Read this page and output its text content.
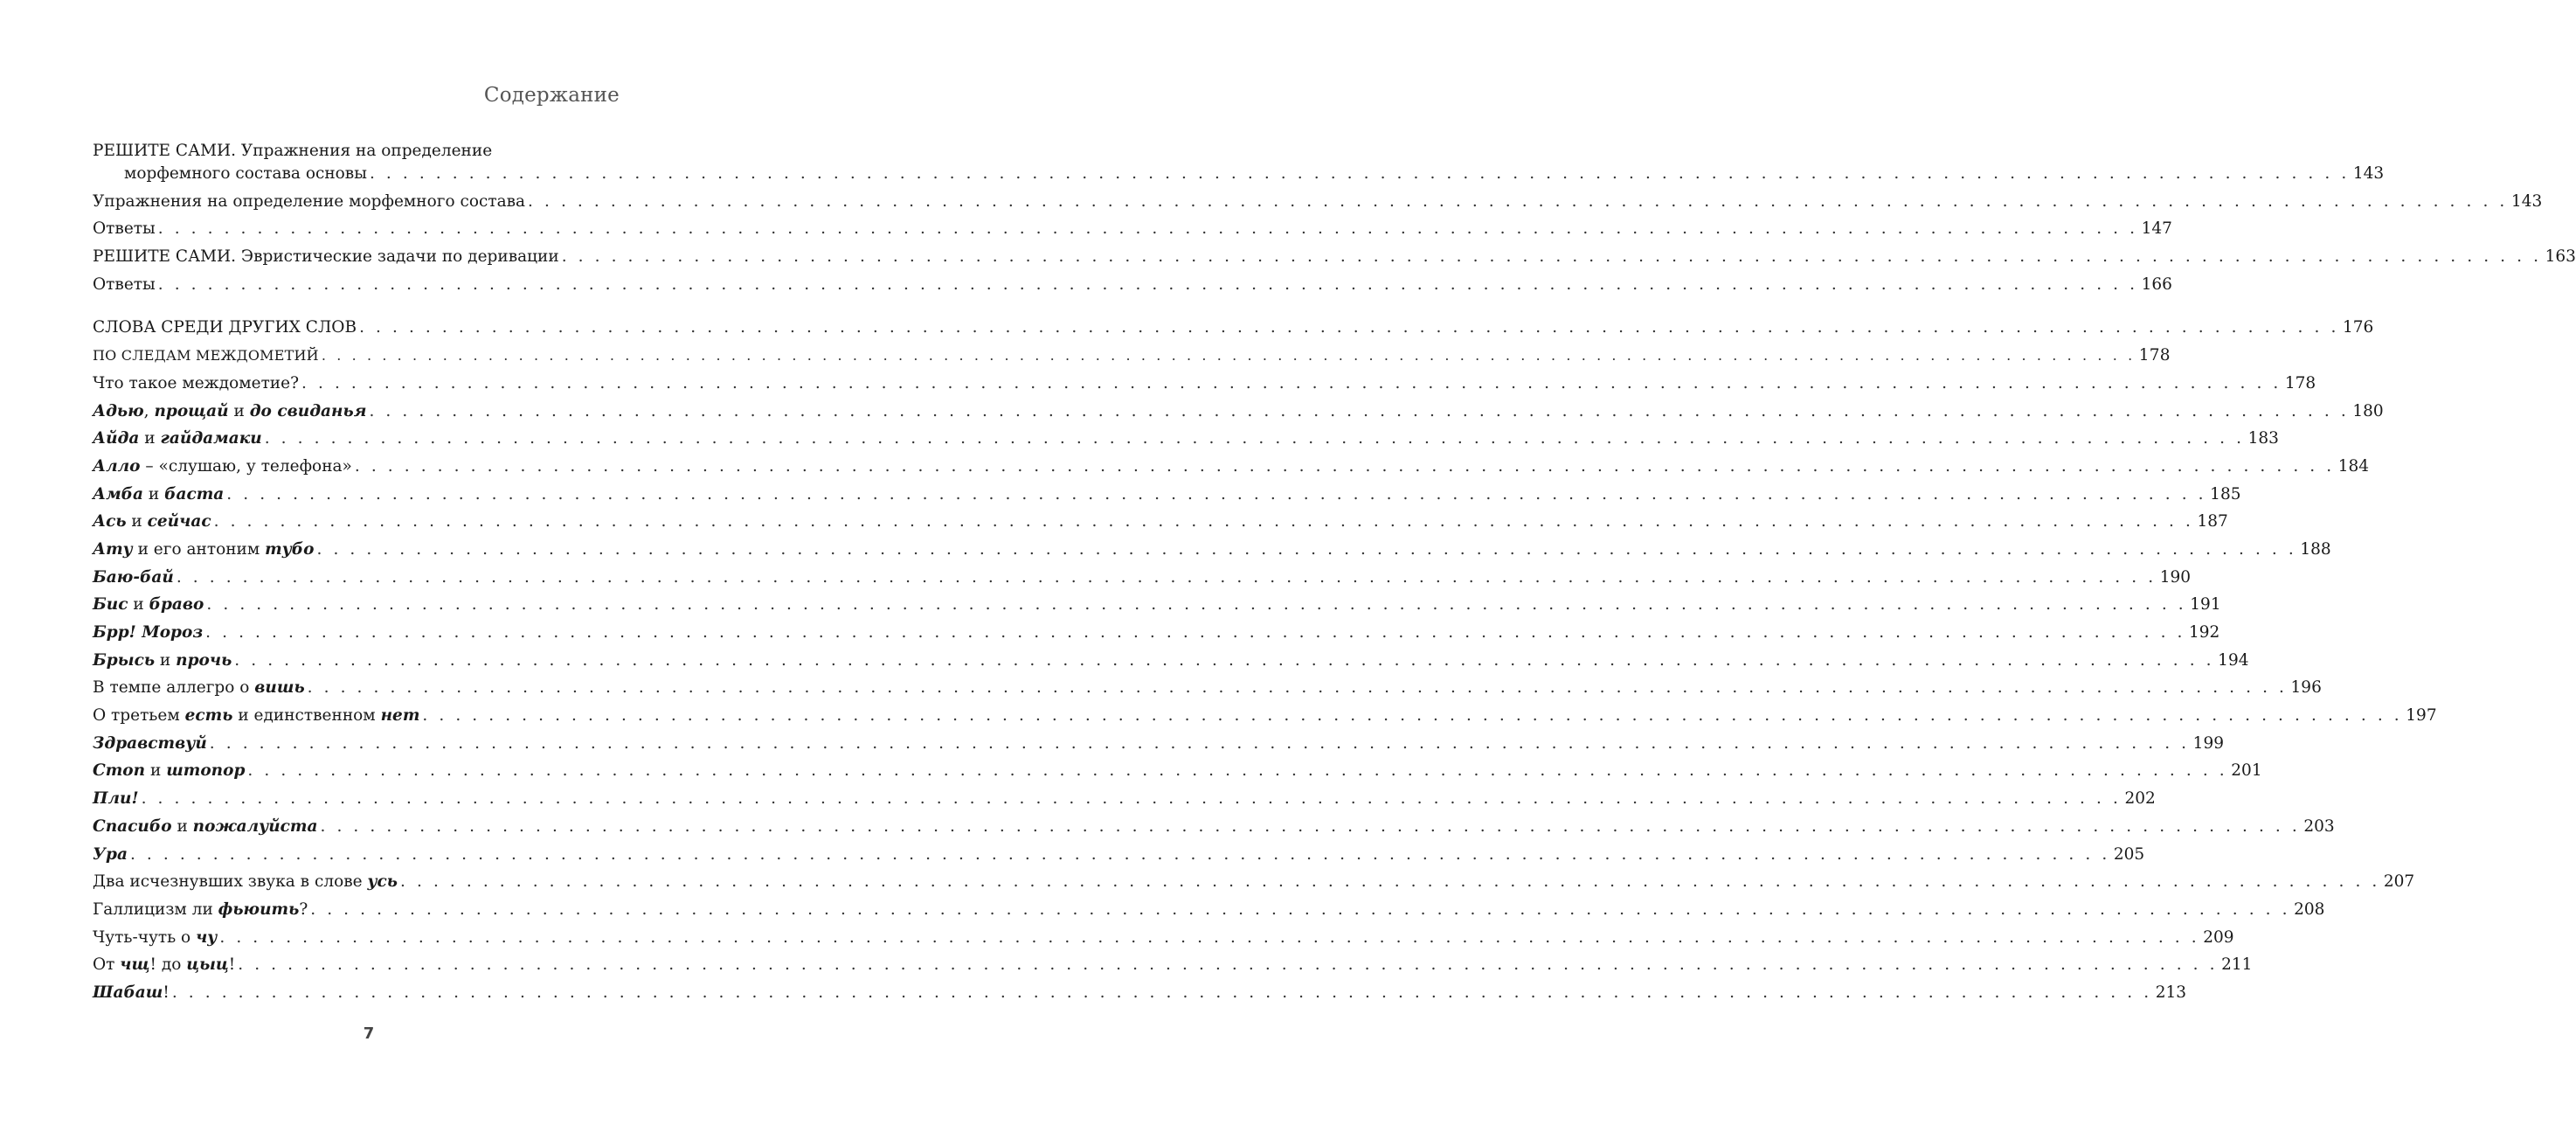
Содержание
РЕШИТЕ САМИ. Упражнения на определение
морфемного состава основы . . . . . . . . . . . . . . . . . . . . . . . . . . . . . . . . . . . . . . . . . . . . . . . . . . . . . . . . . . . . . . . . . . . . . . . . . . . . . . . . . . . . . . . . . . . . . . . . . . . . . . . . . . . . . . . . . . . . . . . . 143
Упражнения на определение морфемного состава . . . . . . . . . . . . . . . . . . . . . . . . . . . . . . . . . . . . . . . . . . . . . . . . . . . . . . . . . . . . . . . . . . . . . . . . . . . . . . . . . . . . . . . . . . . . . . . . . . . . . . . . . . . . . . . . . . . . . . . . 143
Ответы . . . . . . . . . . . . . . . . . . . . . . . . . . . . . . . . . . . . . . . . . . . . . . . . . . . . . . . . . . . . . . . . . . . . . . . . . . . . . . . . . . . . . . . . . . . . . . . . . . . . . . . . . . . . . . . . . . . . . . . . 147
РЕШИТЕ САМИ. Эвристические задачи по деривации . . . . . . . . . . . . . . . . . . . . . . . . . . . . . . . . . . . . . . . . . . . . . . . . . . . . . . . . . . . . . . . . . . . . . . . . . . . . . . . . . . . . . . . . . . . . . . . . . . . . . . . . . . . . . . . . . . . . . . . . 163
Ответы . . . . . . . . . . . . . . . . . . . . . . . . . . . . . . . . . . . . . . . . . . . . . . . . . . . . . . . . . . . . . . . . . . . . . . . . . . . . . . . . . . . . . . . . . . . . . . . . . . . . . . . . . . . . . . . . . . . . . . . . 166
СЛОВА СРЕДИ ДРУГИХ СЛОВ . . . . . . . . . . . . . . . . . . . . . . . . . . . . . . . . . . . . . . . . . . . . . . . . . . . . . . . . . . . . . . . . . . . . . . . . . . . . . . . . . . . . . . . . . . . . . . . . . . . . . . . . . . . . . . . . . . . . . . . . 176
ПО СЛЕДАМ МЕЖДОМЕТИЙ . . . . . . . . . . . . . . . . . . . . . . . . . . . . . . . . . . . . . . . . . . . . . . . . . . . . . . . . . . . . . . . . . . . . . . . . . . . . . . . . . . . . . . . . . . . . . . . . . . . . . . . . . . . . . . . . . . . . . . . . 178
Что такое междометие? . . . . . . . . . . . . . . . . . . . . . . . . . . . . . . . . . . . . . . . . . . . . . . . . . . . . . . . . . . . . . . . . . . . . . . . . . . . . . . . . . . . . . . . . . . . . . . . . . . . . . . . . . . . . . . . . . . . . . . . . 178
Адью, прощай и до свиданья . . . . . . . . . . . . . . . . . . . . . . . . . . . . . . . . . . . . . . . . . . . . . . . . . . . . . . . . . . . . . . . . . . . . . . . . . . . . . . . . . . . . . . . . . . . . . . . . . . . . . . . . . . . . . . . . . . . . . . . . 180
Айда и гайдамаки . . . . . . . . . . . . . . . . . . . . . . . . . . . . . . . . . . . . . . . . . . . . . . . . . . . . . . . . . . . . . . . . . . . . . . . . . . . . . . . . . . . . . . . . . . . . . . . . . . . . . . . . . . . . . . . . . . . . . . . . 183
Алло – «слушаю, у телефона» . . . . . . . . . . . . . . . . . . . . . . . . . . . . . . . . . . . . . . . . . . . . . . . . . . . . . . . . . . . . . . . . . . . . . . . . . . . . . . . . . . . . . . . . . . . . . . . . . . . . . . . . . . . . . . . . . . . . . . . . 184
Амба и баста . . . . . . . . . . . . . . . . . . . . . . . . . . . . . . . . . . . . . . . . . . . . . . . . . . . . . . . . . . . . . . . . . . . . . . . . . . . . . . . . . . . . . . . . . . . . . . . . . . . . . . . . . . . . . . . . . . . . . . . . 185
Ась и сейчас . . . . . . . . . . . . . . . . . . . . . . . . . . . . . . . . . . . . . . . . . . . . . . . . . . . . . . . . . . . . . . . . . . . . . . . . . . . . . . . . . . . . . . . . . . . . . . . . . . . . . . . . . . . . . . . . . . . . . . . . 187
Ату и его антоним тубо . . . . . . . . . . . . . . . . . . . . . . . . . . . . . . . . . . . . . . . . . . . . . . . . . . . . . . . . . . . . . . . . . . . . . . . . . . . . . . . . . . . . . . . . . . . . . . . . . . . . . . . . . . . . . . . . . . . . . . . . 188
Баю-бай . . . . . . . . . . . . . . . . . . . . . . . . . . . . . . . . . . . . . . . . . . . . . . . . . . . . . . . . . . . . . . . . . . . . . . . . . . . . . . . . . . . . . . . . . . . . . . . . . . . . . . . . . . . . . . . . . . . . . . . . 190
Бис и браво . . . . . . . . . . . . . . . . . . . . . . . . . . . . . . . . . . . . . . . . . . . . . . . . . . . . . . . . . . . . . . . . . . . . . . . . . . . . . . . . . . . . . . . . . . . . . . . . . . . . . . . . . . . . . . . . . . . . . . . . 191
Брр! Мороз . . . . . . . . . . . . . . . . . . . . . . . . . . . . . . . . . . . . . . . . . . . . . . . . . . . . . . . . . . . . . . . . . . . . . . . . . . . . . . . . . . . . . . . . . . . . . . . . . . . . . . . . . . . . . . . . . . . . . . . . 192
Брысь и прочь . . . . . . . . . . . . . . . . . . . . . . . . . . . . . . . . . . . . . . . . . . . . . . . . . . . . . . . . . . . . . . . . . . . . . . . . . . . . . . . . . . . . . . . . . . . . . . . . . . . . . . . . . . . . . . . . . . . . . . . . 194
В темпе аллегро о вишь . . . . . . . . . . . . . . . . . . . . . . . . . . . . . . . . . . . . . . . . . . . . . . . . . . . . . . . . . . . . . . . . . . . . . . . . . . . . . . . . . . . . . . . . . . . . . . . . . . . . . . . . . . . . . . . . . . . . . . . . 196
О третьем есть и единственном нет . . . . . . . . . . . . . . . . . . . . . . . . . . . . . . . . . . . . . . . . . . . . . . . . . . . . . . . . . . . . . . . . . . . . . . . . . . . . . . . . . . . . . . . . . . . . . . . . . . . . . . . . . . . . . . . . . . . . . . . . 197
Здравствуй . . . . . . . . . . . . . . . . . . . . . . . . . . . . . . . . . . . . . . . . . . . . . . . . . . . . . . . . . . . . . . . . . . . . . . . . . . . . . . . . . . . . . . . . . . . . . . . . . . . . . . . . . . . . . . . . . . . . . . . . 199
Стоп и штопор . . . . . . . . . . . . . . . . . . . . . . . . . . . . . . . . . . . . . . . . . . . . . . . . . . . . . . . . . . . . . . . . . . . . . . . . . . . . . . . . . . . . . . . . . . . . . . . . . . . . . . . . . . . . . . . . . . . . . . . . 201
Пли! . . . . . . . . . . . . . . . . . . . . . . . . . . . . . . . . . . . . . . . . . . . . . . . . . . . . . . . . . . . . . . . . . . . . . . . . . . . . . . . . . . . . . . . . . . . . . . . . . . . . . . . . . . . . . . . . . . . . . . . . 202
Спасибо и пожалуйста . . . . . . . . . . . . . . . . . . . . . . . . . . . . . . . . . . . . . . . . . . . . . . . . . . . . . . . . . . . . . . . . . . . . . . . . . . . . . . . . . . . . . . . . . . . . . . . . . . . . . . . . . . . . . . . . . . . . . . . . 203
Ура . . . . . . . . . . . . . . . . . . . . . . . . . . . . . . . . . . . . . . . . . . . . . . . . . . . . . . . . . . . . . . . . . . . . . . . . . . . . . . . . . . . . . . . . . . . . . . . . . . . . . . . . . . . . . . . . . . . . . . . . 205
Два исчезнувших звука в слове усь . . . . . . . . . . . . . . . . . . . . . . . . . . . . . . . . . . . . . . . . . . . . . . . . . . . . . . . . . . . . . . . . . . . . . . . . . . . . . . . . . . . . . . . . . . . . . . . . . . . . . . . . . . . . . . . . . . . . . . . . 207
Галлицизм ли фьюить? . . . . . . . . . . . . . . . . . . . . . . . . . . . . . . . . . . . . . . . . . . . . . . . . . . . . . . . . . . . . . . . . . . . . . . . . . . . . . . . . . . . . . . . . . . . . . . . . . . . . . . . . . . . . . . . . . . . . . . . . 208
Чуть-чуть о чу . . . . . . . . . . . . . . . . . . . . . . . . . . . . . . . . . . . . . . . . . . . . . . . . . . . . . . . . . . . . . . . . . . . . . . . . . . . . . . . . . . . . . . . . . . . . . . . . . . . . . . . . . . . . . . . . . . . . . . . . 209
От чщ! до цыц! . . . . . . . . . . . . . . . . . . . . . . . . . . . . . . . . . . . . . . . . . . . . . . . . . . . . . . . . . . . . . . . . . . . . . . . . . . . . . . . . . . . . . . . . . . . . . . . . . . . . . . . . . . . . . . . . . . . . . . . . 211
Шабаш! . . . . . . . . . . . . . . . . . . . . . . . . . . . . . . . . . . . . . . . . . . . . . . . . . . . . . . . . . . . . . . . . . . . . . . . . . . . . . . . . . . . . . . . . . . . . . . . . . . . . . . . . . . . . . . . . . . . . . . . . 213
7
